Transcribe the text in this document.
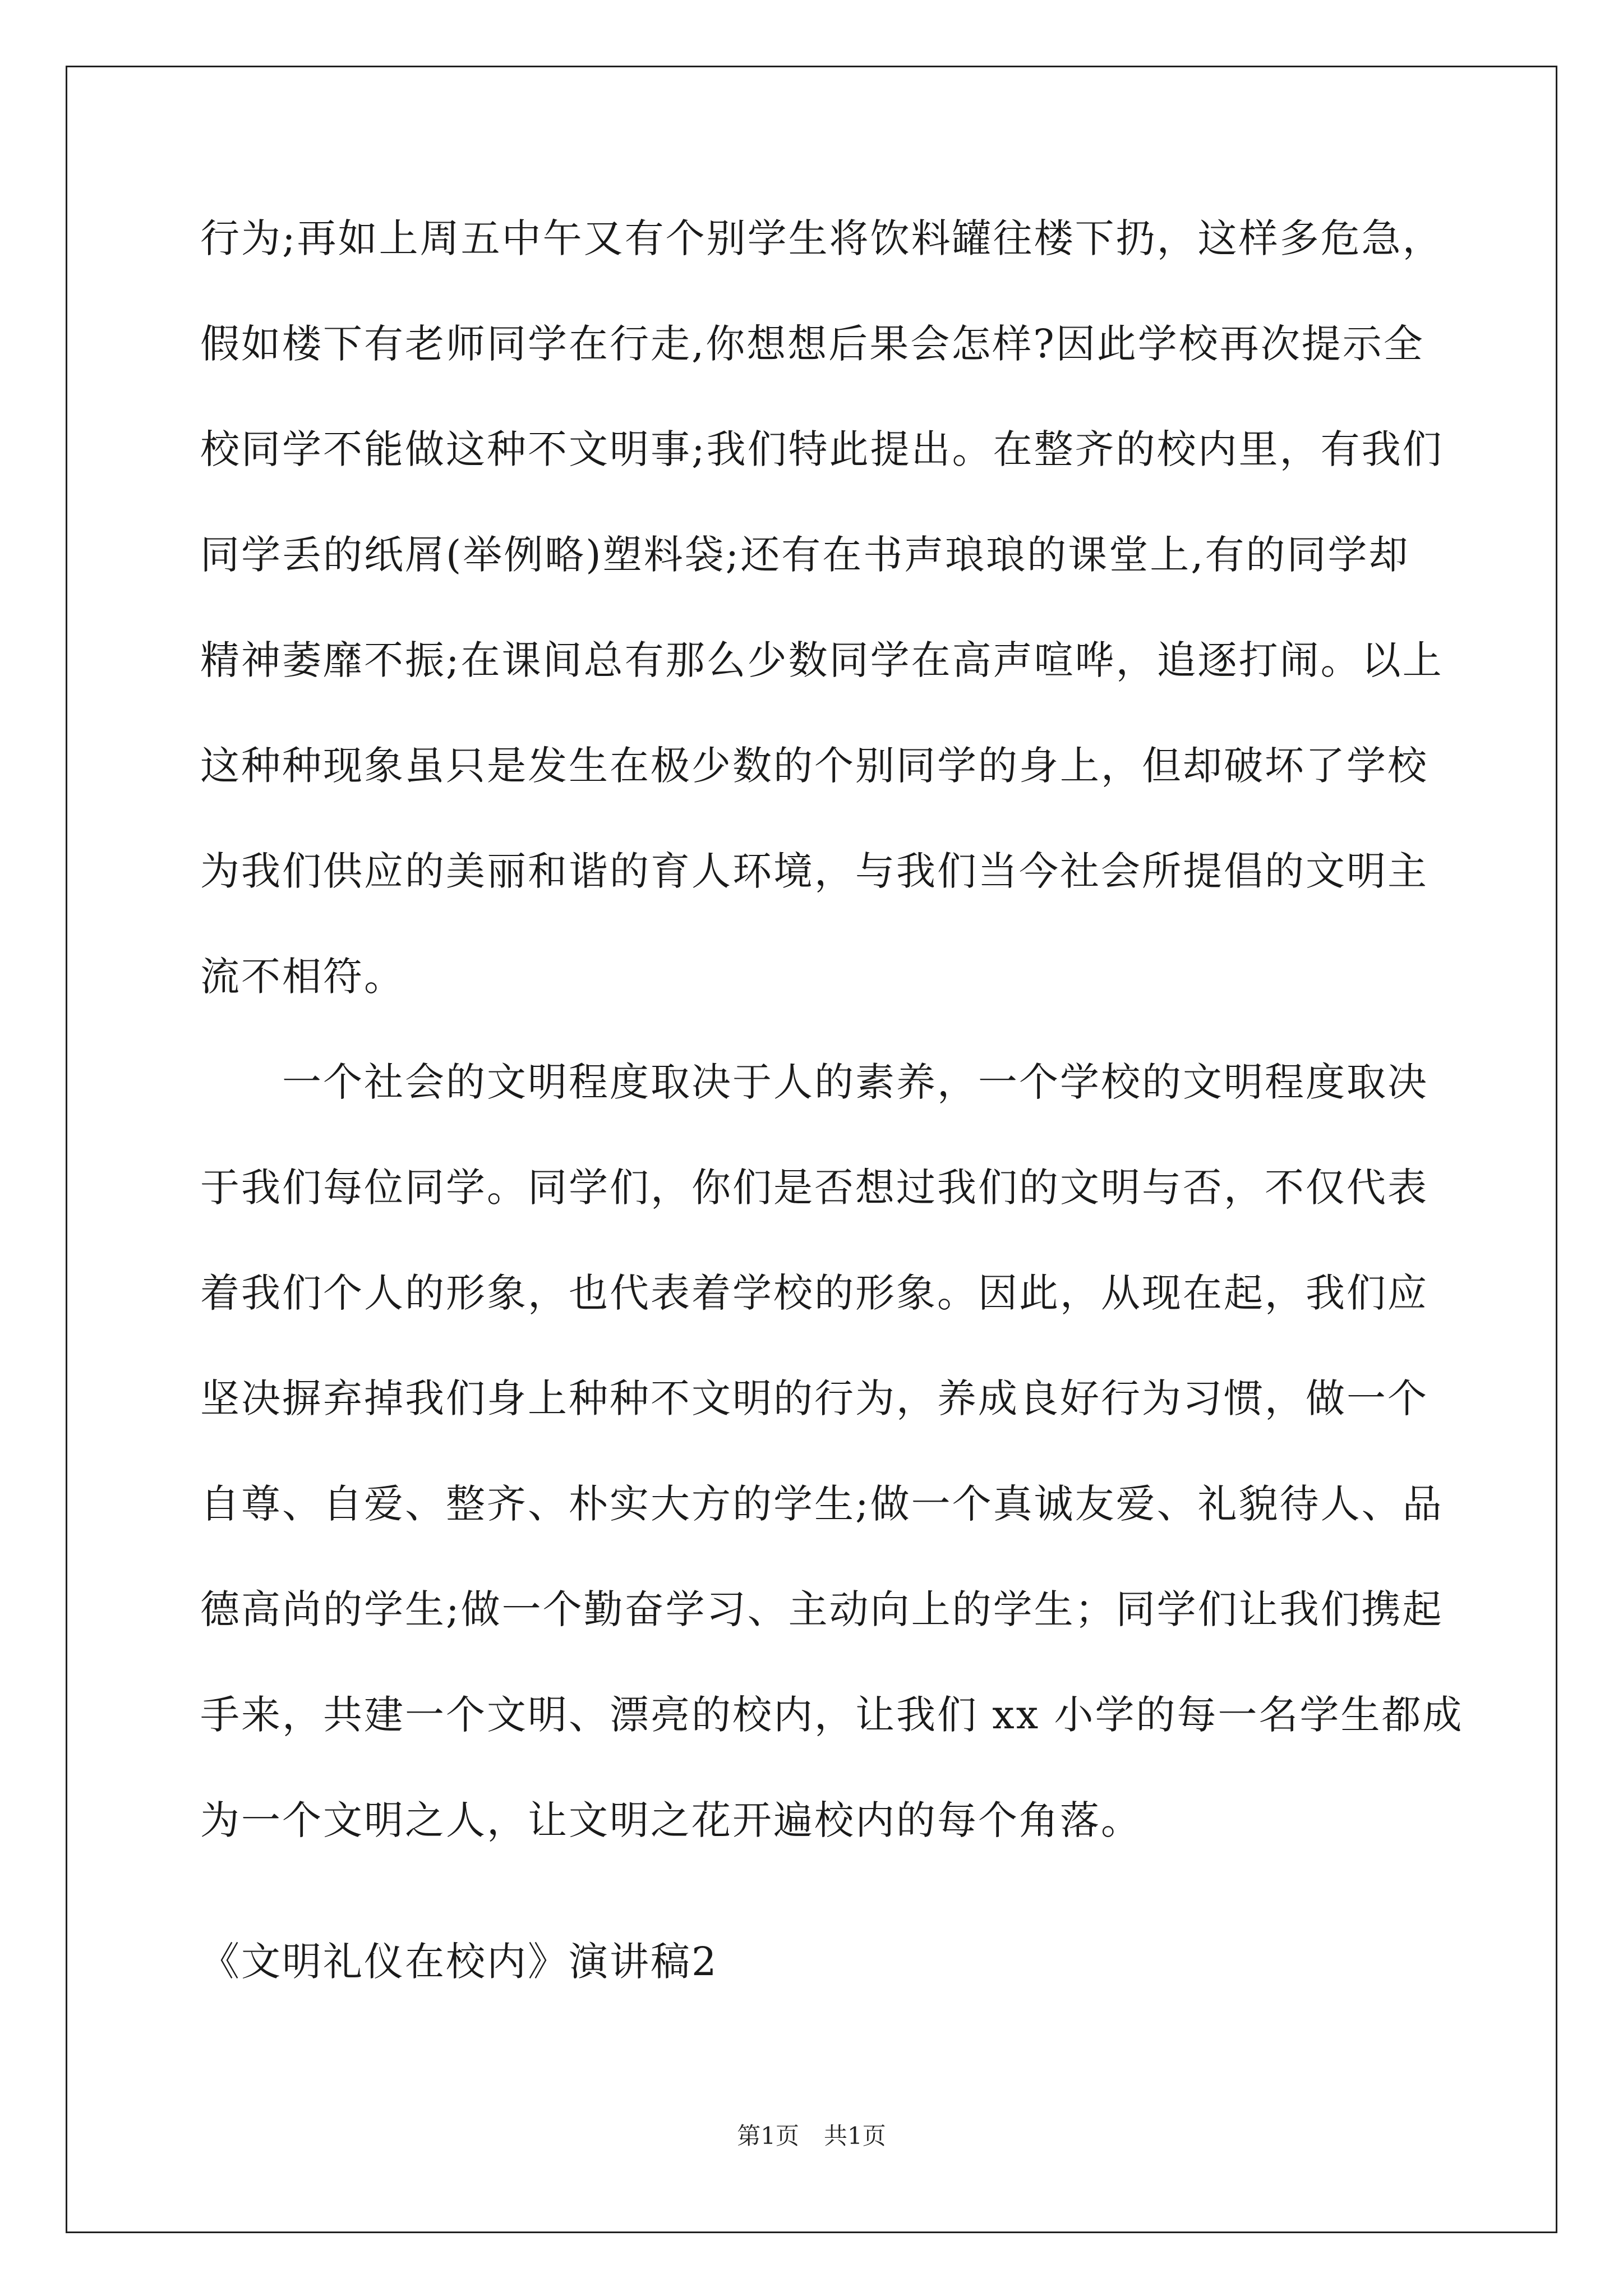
行为;再如上周五中午又有个别学生将饮料罐往楼下扔，这样多危急，
假如楼下有老师同学在行走,你想想后果会怎样?因此学校再次提示全
校同学不能做这种不文明事;我们特此提出。在整齐的校内里，有我们
同学丢的纸屑(举例略)塑料袋;还有在书声琅琅的课堂上,有的同学却
精神萎靡不振;在课间总有那么少数同学在高声喧哗，追逐打闹。以上
这种种现象虽只是发生在极少数的个别同学的身上，但却破坏了学校
为我们供应的美丽和谐的育人环境，与我们当今社会所提倡的文明主
流不相符。
　　一个社会的文明程度取决于人的素养，一个学校的文明程度取决
于我们每位同学。同学们，你们是否想过我们的文明与否，不仅代表
着我们个人的形象，也代表着学校的形象。因此，从现在起，我们应
坚决摒弃掉我们身上种种不文明的行为，养成良好行为习惯，做一个
自尊、自爱、整齐、朴实大方的学生;做一个真诚友爱、礼貌待人、品
德高尚的学生;做一个勤奋学习、主动向上的学生；同学们让我们携起
手来，共建一个文明、漂亮的校内，让我们 xx 小学的每一名学生都成
为一个文明之人，让文明之花开遍校内的每个角落。
《文明礼仪在校内》演讲稿2
第1页 共1页
